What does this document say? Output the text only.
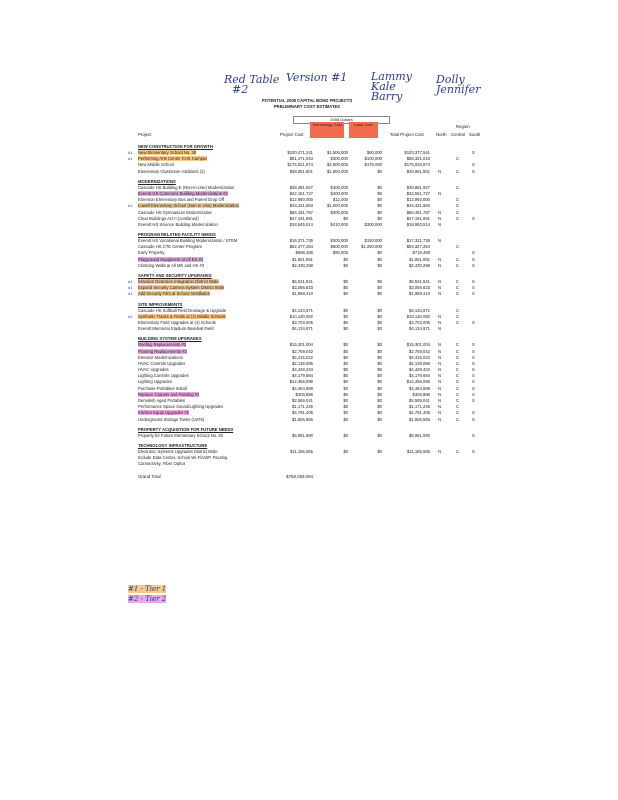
Red Table
#2
Version #1 Lammy
Kale
Barry
Dolly
Jennifer
POTENTIAL 2008 CAPITAL BOND PROJECTS
PRELIMINARY COST ESTIMATES
2008 Dollars
Project	Project Cost
Technology Cost	Land Cost
Total Project Cost
Region
North Central South
NEW CONSTRUCTION FOR GROWTH
#1 New Elementary School No. 39	$100,471,241	$1,506,000	$60,000	$103,377,541	S
#1 Performing Arts Center CHS Campus	$51,471,043	$300,000	$100,000	$58,321,043	C
New Middle School	$175,021,974	$2,900,000	$175,000	$175,026,974	S
Elementary Classroom Additions (2)	$48,051,801	$1,800,000	$0	$49,961,801 N	C	S
MODERNIZATIONS
Cascade HS Building E (Non-In-Use) Modernization	$38,481,927	$400,000	$0	$38,881,927	C
Everett HS Commons Building Modernization #2	$22,151,727	$400,000	$0	$22,551,727 N
Emerson Elementary Bus and Parent Drop Off	$12,980,000	$12,000	$0	$12,992,000	C
#1 Lowell Elementary School (Non-In-Use) Modernization	$43,421,683	$1,000,000	$0	$44,421,683	C
Cascade HS Gymnasium Modernization	$66,181,787	$300,000	$0	$66,481,787 N	C
Clear Buildings Act II (combined)	$47,191,991	$0	$0	$47,191,991 N	C	S
Everett HS Science Building Modernization	$18,545,514	$410,000	$300,000	$18,963,514 N
PROGRAM RELATED FACILITY NEEDS
Everett HS Vocational Building Modernization / STEM	$16,371,736	$300,000	$150,000	$17,321,736 N
Cascade HS CTE Center Program	$52,477,254	$600,000	$1,250,000	$54,327,254	C
Early Property	$668,488	$50,000	$0	$718,488	S
Playground Equipment at All ES #2	$1,651,891	$0	$0	$1,651,891 N	C	S
Climbing Walls at All MS and HS #2	$2,430,298	$0	$0	$2,430,298 N	C	S
SAFETY AND SECURITY UPGRADES
#1 Intrusion Detection Integration District Wide	$6,531,641	$0	$0	$6,531,641 N	C	S
#1 Expand Security Camera System District Wide	$3,056,833	$0	$0	$3,056,833 N	C	S
#1 Add Security Film at School Vestibules	$1,968,410	$0	$0	$1,968,410 N	C	S
SITE IMPROVEMENTS
Cascade HS Softball Field Drainage & Upgrade	$4,134,971	$0	$0	$4,134,971	C
#1 Synthetic Tracks & Fields at (1) Middle Schools	$10,130,092	$0	$0	$10,130,092 N	C
Elementary Field Upgrades at (4) Schools	$3,703,005	$0	$0	$3,703,005 N	C	S
Everett Memorial Stadium Baseball Field	$4,134,971	$0	$0	$4,134,971 N
BUILDING SYSTEM UPGRADES
Roofing Replacements #2	$15,301,004	$0	$0	$15,301,004 N	C	S
Flooring Replacements #2	$2,759,042	$0	$0	$2,759,042 N	C	S
Elevator Modernizations	$2,415,022	$0	$0	$2,415,022 N	C	S
HVAC Controls Upgrades	$2,139,086	$0	$0	$2,139,086 N	C	S
HVAC Upgrades	$4,428,434	$0	$0	$4,428,434 N	C	S
Lighting Controls Upgrades	$4,179,684	$0	$0	$4,179,684 N	C	S
Lighting Upgrades	$12,456,096	$0	$0	$12,456,096 N	C	S
Purchase Portables Install	$4,464,689	$0	$0	$4,464,689 N	C	S
Replace Carpets and Painting #2	$303,886	$0	$0	$303,886 N	C	S
Demolish Aged Portables	$2,569,041	$0	$0	$2,569,041 N	C	S
Performance Space Sound/Lighting Upgrades	$1,171,245	$0	$0	$1,171,245 N	C
Kitchen Equip Upgrades #2	$4,791,406	$0	$0	$4,791,406 N	C	S
Underground Storage Tanks (USTs)	$1,506,866	$0	$0	$1,506,866 N	C	S
PROPERTY ACQUISITION FOR FUTURE NEEDS
Property for Future Elementary School No. 30	$6,981,990	$0	$0	$6,981,990	S
TECHNOLOGY INFRASTRUCTURE
Electronic Systems Upgrades District Wide	$11,155,565	$0	$0	$11,155,565 N	C	S
Include Data Center, School Wi-Fi/VoIP, Routing
Connectivity, Fiber Optics
Grand Total	$768,059,094
#1 - Tier 1
#2 - Tier 2
